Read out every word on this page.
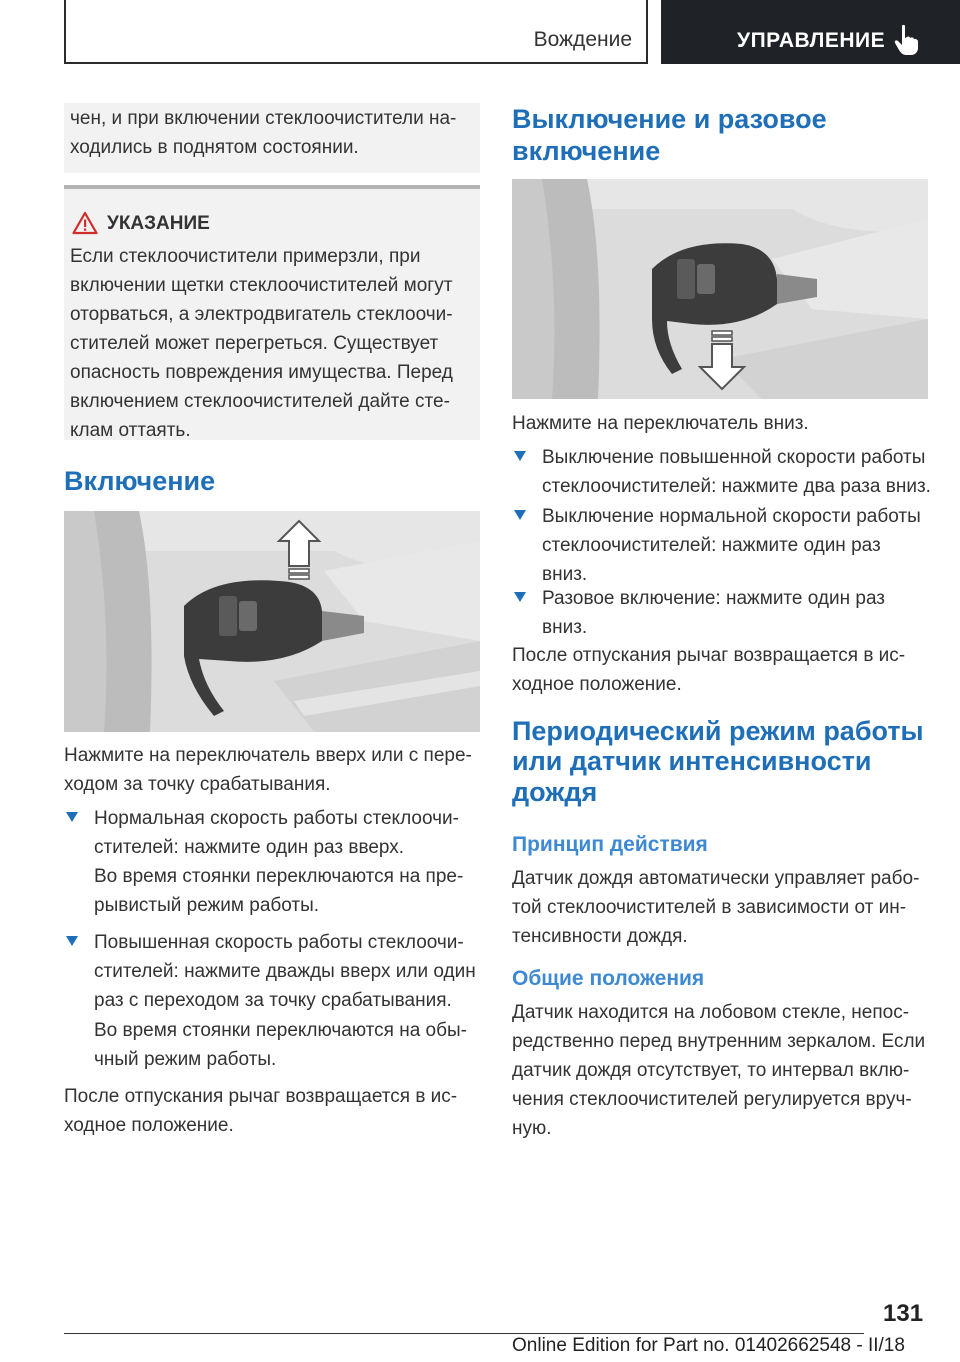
Вождение	УПРАВЛЕНИЕ

чен, и при включении стеклоочистители на-

ходились в поднятом состоянии.

УКАЗАНИЕ

Если стеклоочистители примерзли, при

включении щетки стеклоочистителей могут

оторваться, а электродвигатель стеклоочи-

стителей может перегреться. Существует

опасность повреждения имущества. Перед

включением стеклоочистителей дайте сте-

клам оттаять.

Включение

Нажмите на переключатель вверх или с пере-

ходом за точку срабатывания.

Нормальная скорость работы стеклоочи-

стителей: нажмите один раз вверх.

Во время стоянки переключаются на пре-

рывистый режим работы.

Повышенная скорость работы стеклоочи-

стителей: нажмите дважды вверх или один

раз с переходом за точку срабатывания.

Во время стоянки переключаются на обы-

чный режим работы.

После отпускания рычаг возвращается в ис-

ходное положение.

Выключение и разовое
включение

Нажмите на переключатель вниз.

Выключение повышенной скорости работы

стеклоочистителей: нажмите два раза вниз.

Выключение нормальной скорости работы

стеклоочистителей: нажмите один раз

вниз.

Разовое включение: нажмите один раз

вниз.

После отпускания рычаг возвращается в ис-

ходное положение.

Периодический режим работы
или датчик интенсивности
дождя
Принцип действия

Датчик дождя автоматически управляет рабо-

той стеклоочистителей в зависимости от ин-

тенсивности дождя.

Общие положения

Датчик находится на лобовом стекле, непос-

редственно перед внутренним зеркалом. Если

датчик дождя отсутствует, то интервал вклю-

чения стеклоочистителей регулируется вруч-

ную.

131
Online Edition for Part no. 01402662548 - II/18
